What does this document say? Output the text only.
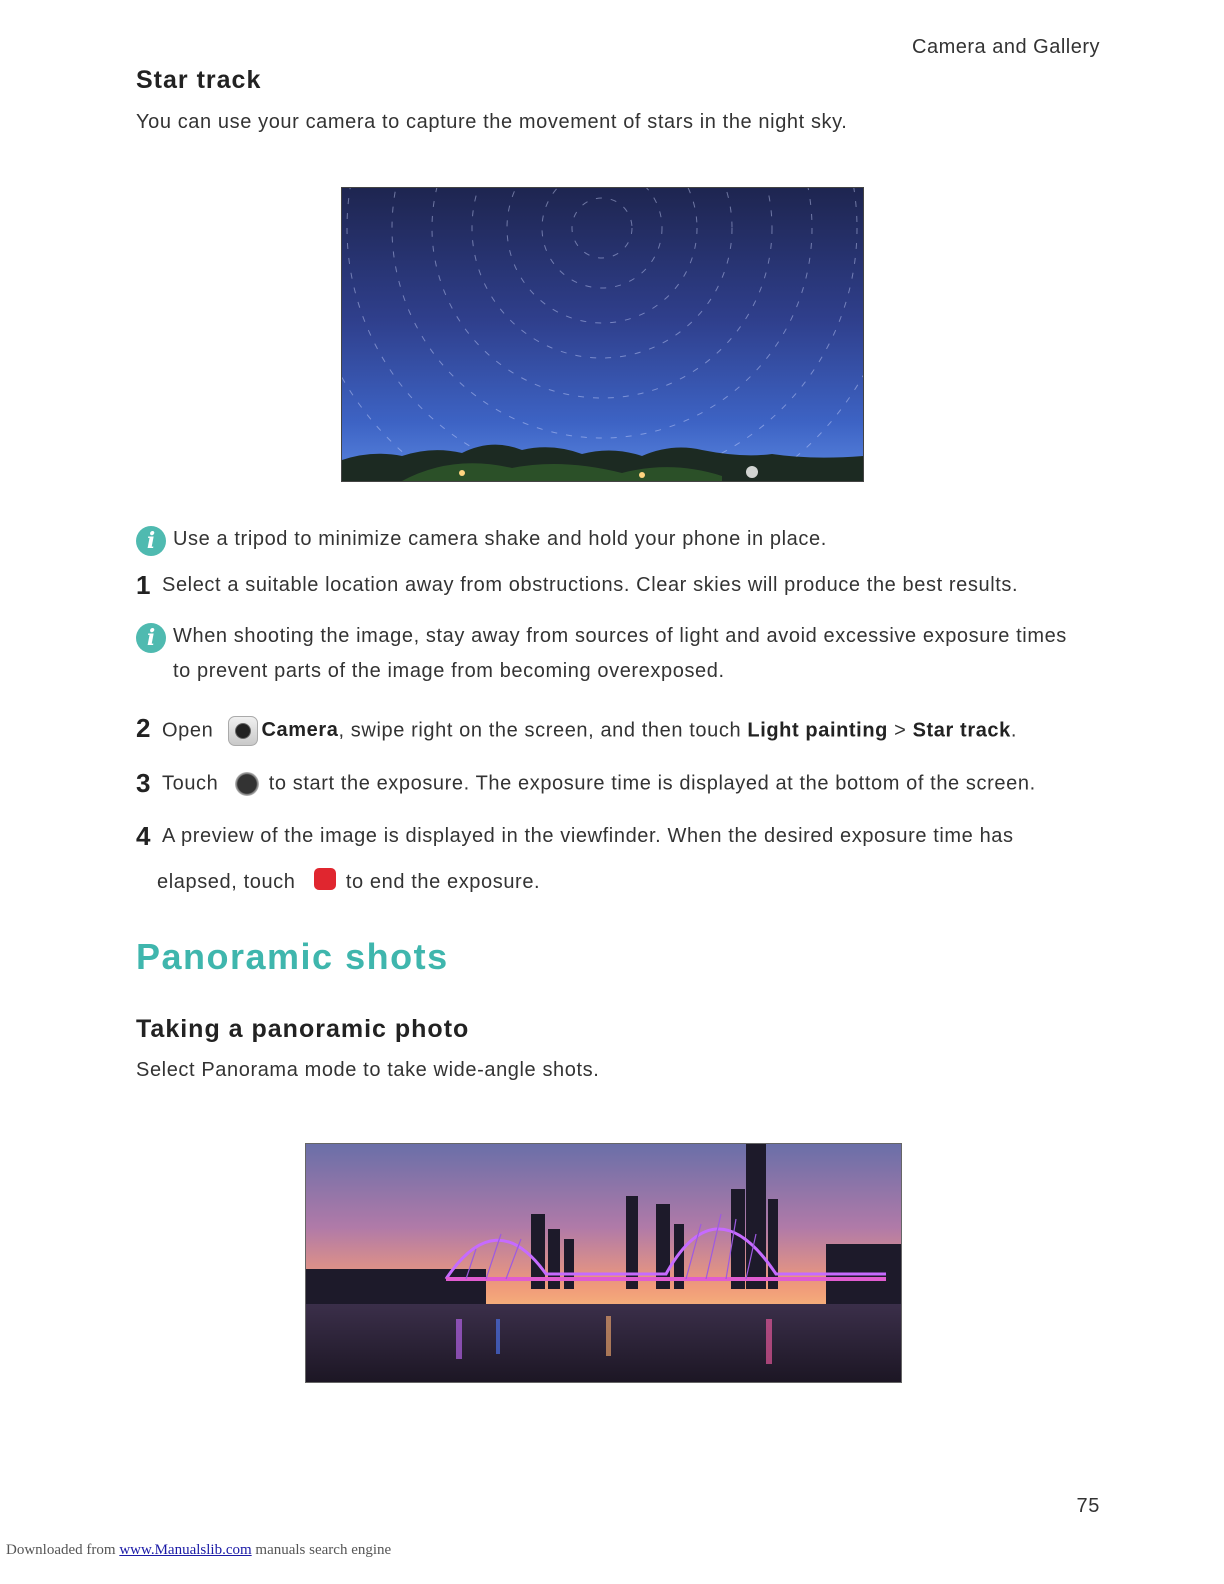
Camera and Gallery
Star track
You can use your camera to capture the movement of stars in the night sky.
i Use a tripod to minimize camera shake and hold your phone in place.
1 Select a suitable location away from obstructions. Clear skies will produce the best results.
i When shooting the image, stay away from sources of light and avoid excessive exposure times
to prevent parts of the image from becoming overexposed.
2 Open Camera, swipe right on the screen, and then touch Light painting > Star track.
3 Touch	to start the exposure. The exposure time is displayed at the bottom of the screen.
4 A preview of the image is displayed in the viewfinder. When the desired exposure time has
elapsed, touch	to end the exposure.
Panoramic shots
Taking a panoramic photo
Select Panorama mode to take wide-angle shots.
75
Downloaded from www.Manualslib.com manuals search engine
